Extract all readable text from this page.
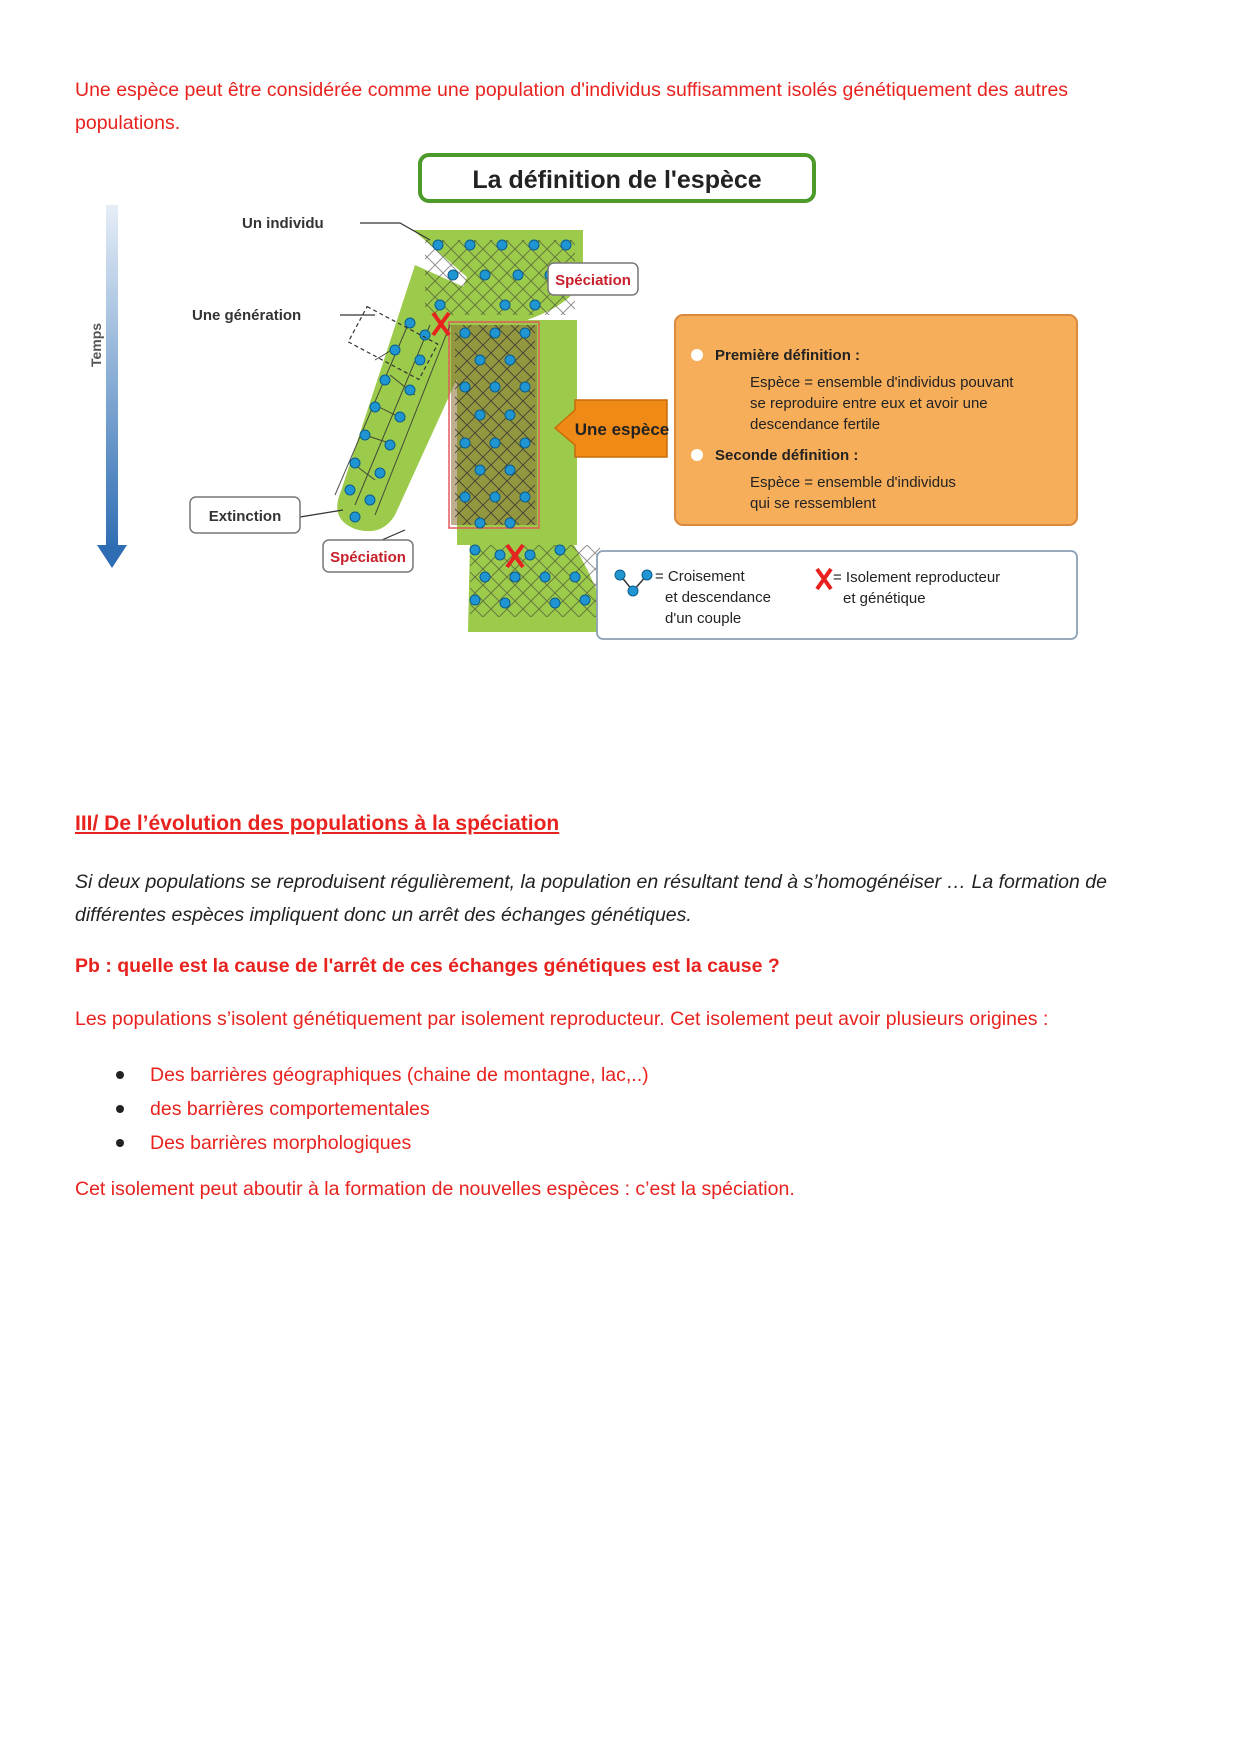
Une espèce peut être considérée comme une population d'individus suffisamment isolés génétiquement des autres populations.

La définition de l'espèce
Temps
Un individu
Une génération
Extinction
Spéciation
Spéciation
Une espèce
Première définition :
Espèce = ensemble d'individus pouvant
se reproduire entre eux et avoir une
descendance fertile
Seconde définition :
Espèce = ensemble d'individus
qui se ressemblent
= Croisement
et descendance
d'un couple
= Isolement reproducteur
et génétique
III/ De l’évolution des populations à la spéciation

Si deux populations se reproduisent régulièrement, la population en résultant tend à s’homogénéiser … La formation de différentes espèces impliquent donc un arrêt des échanges génétiques.

Pb : quelle est la cause de l'arrêt de ces échanges génétiques est la cause ?
Les populations s’isolent génétiquement par isolement reproducteur. Cet isolement peut avoir plusieurs origines :
Des barrières géographiques (chaine de montagne, lac,..)
des barrières comportementales
Des barrières morphologiques
Cet isolement peut aboutir à la formation de nouvelles espèces : c’est la spéciation.
